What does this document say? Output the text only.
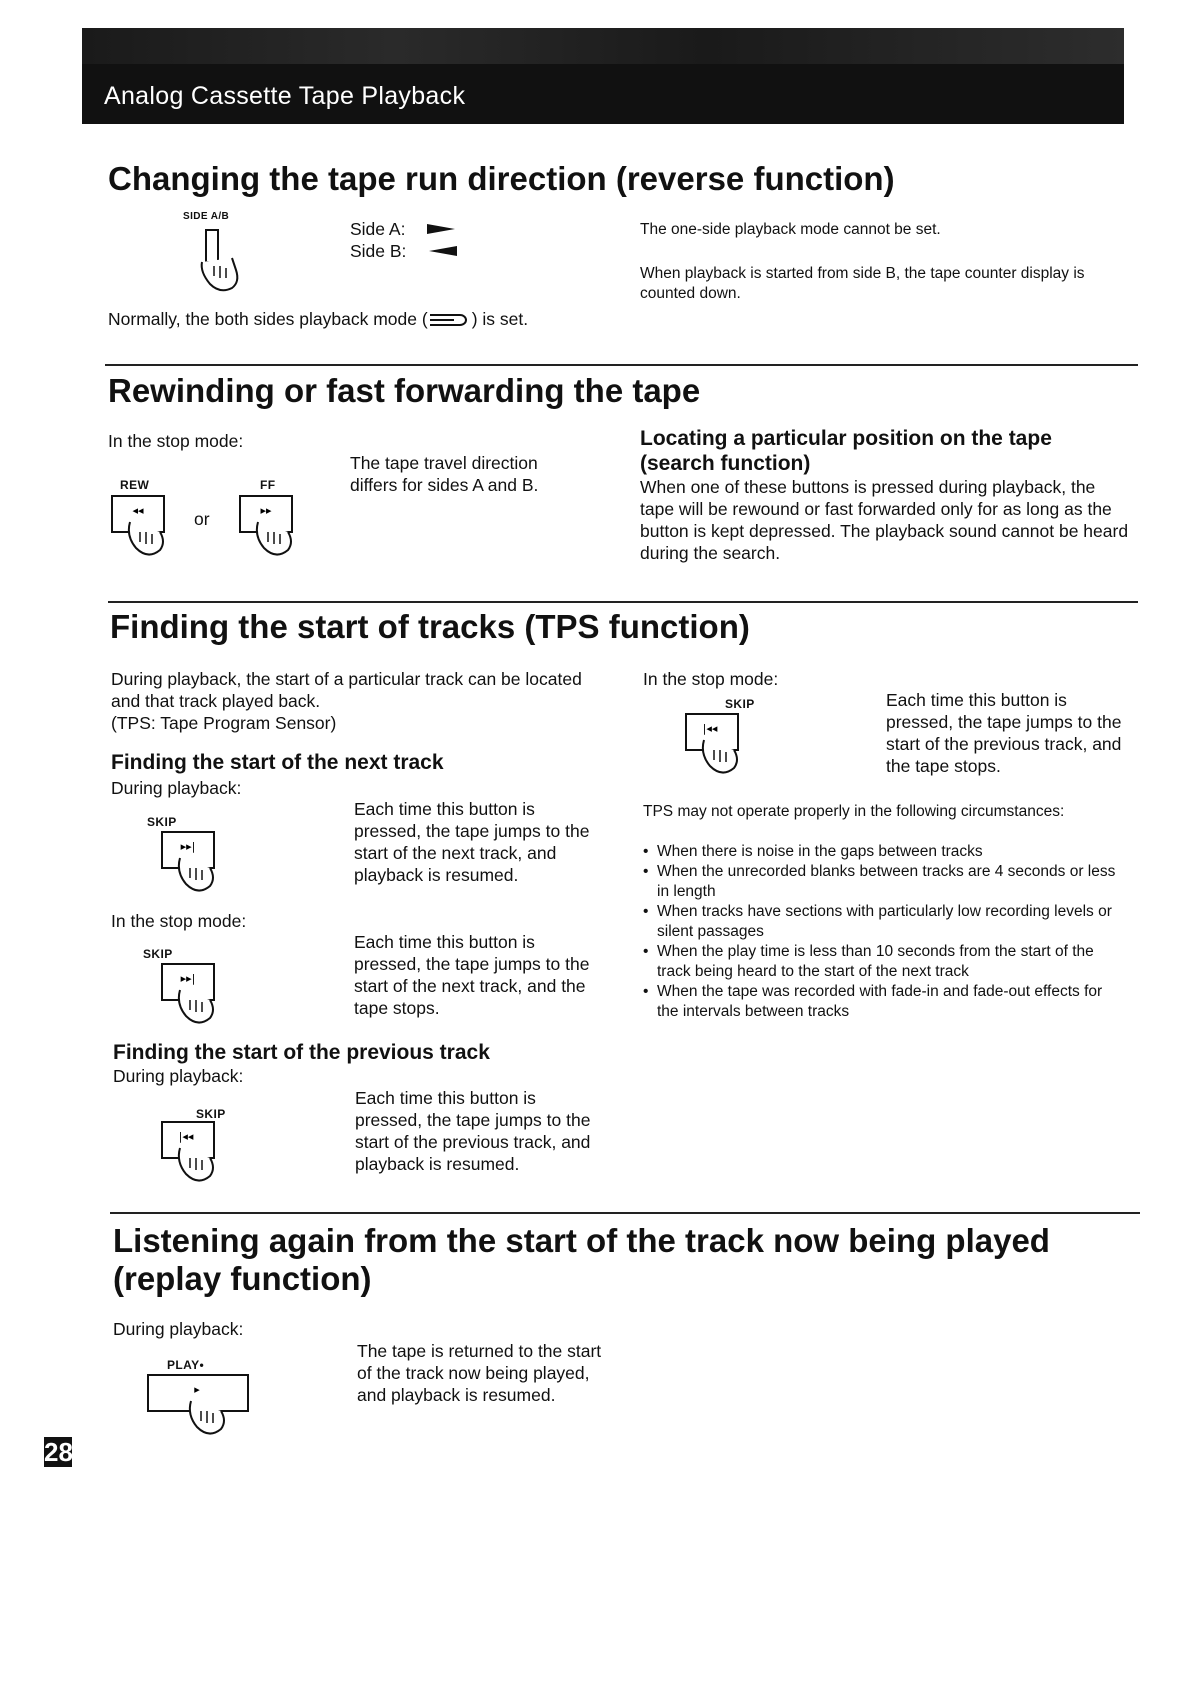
Analog Cassette Tape Playback
Changing the tape run direction (reverse function)
SIDE A/B
Side A:
Side B:
Normally, the both sides playback mode (	) is set.
The one-side playback mode cannot be set.
When playback is started from side B, the tape counter display is counted down.
Rewinding or fast forwarding the tape
In the stop mode:
REW	FF
◂◂	or	▸▸
The tape travel direction differs for sides A and B.
Locating a particular position on the tape (search function)
When one of these buttons is pressed during playback, the tape will be rewound or fast forwarded only for as long as the button is kept depressed. The playback sound cannot be heard during the search.
Finding the start of tracks (TPS function)
During playback, the start of a particular track can be located and that track played back.
(TPS: Tape Program Sensor)
Finding the start of the next track
During playback:
SKIP
▸▸|
Each time this button is pressed, the tape jumps to the start of the next track, and playback is resumed.
In the stop mode:
SKIP
▸▸|
Each time this button is pressed, the tape jumps to the start of the next track, and the tape stops.
Finding the start of the previous track
During playback:
SKIP
|◂◂
Each time this button is pressed, the tape jumps to the start of the previous track, and playback is resumed.
In the stop mode:
SKIP
|◂◂
Each time this button is pressed, the tape jumps to the start of the previous track, and the tape stops.
TPS may not operate properly in the following circumstances:
• When there is noise in the gaps between tracks
• When the unrecorded blanks between tracks are 4 seconds or less in length
• When tracks have sections with particularly low recording levels or silent passages
• When the play time is less than 10 seconds from the start of the track being heard to the start of the next track
• When the tape was recorded with fade-in and fade-out effects for the intervals between tracks
Listening again from the start of the track now being played (replay function)
During playback:
PLAY•
▸
The tape is returned to the start of the track now being played, and playback is resumed.
28
